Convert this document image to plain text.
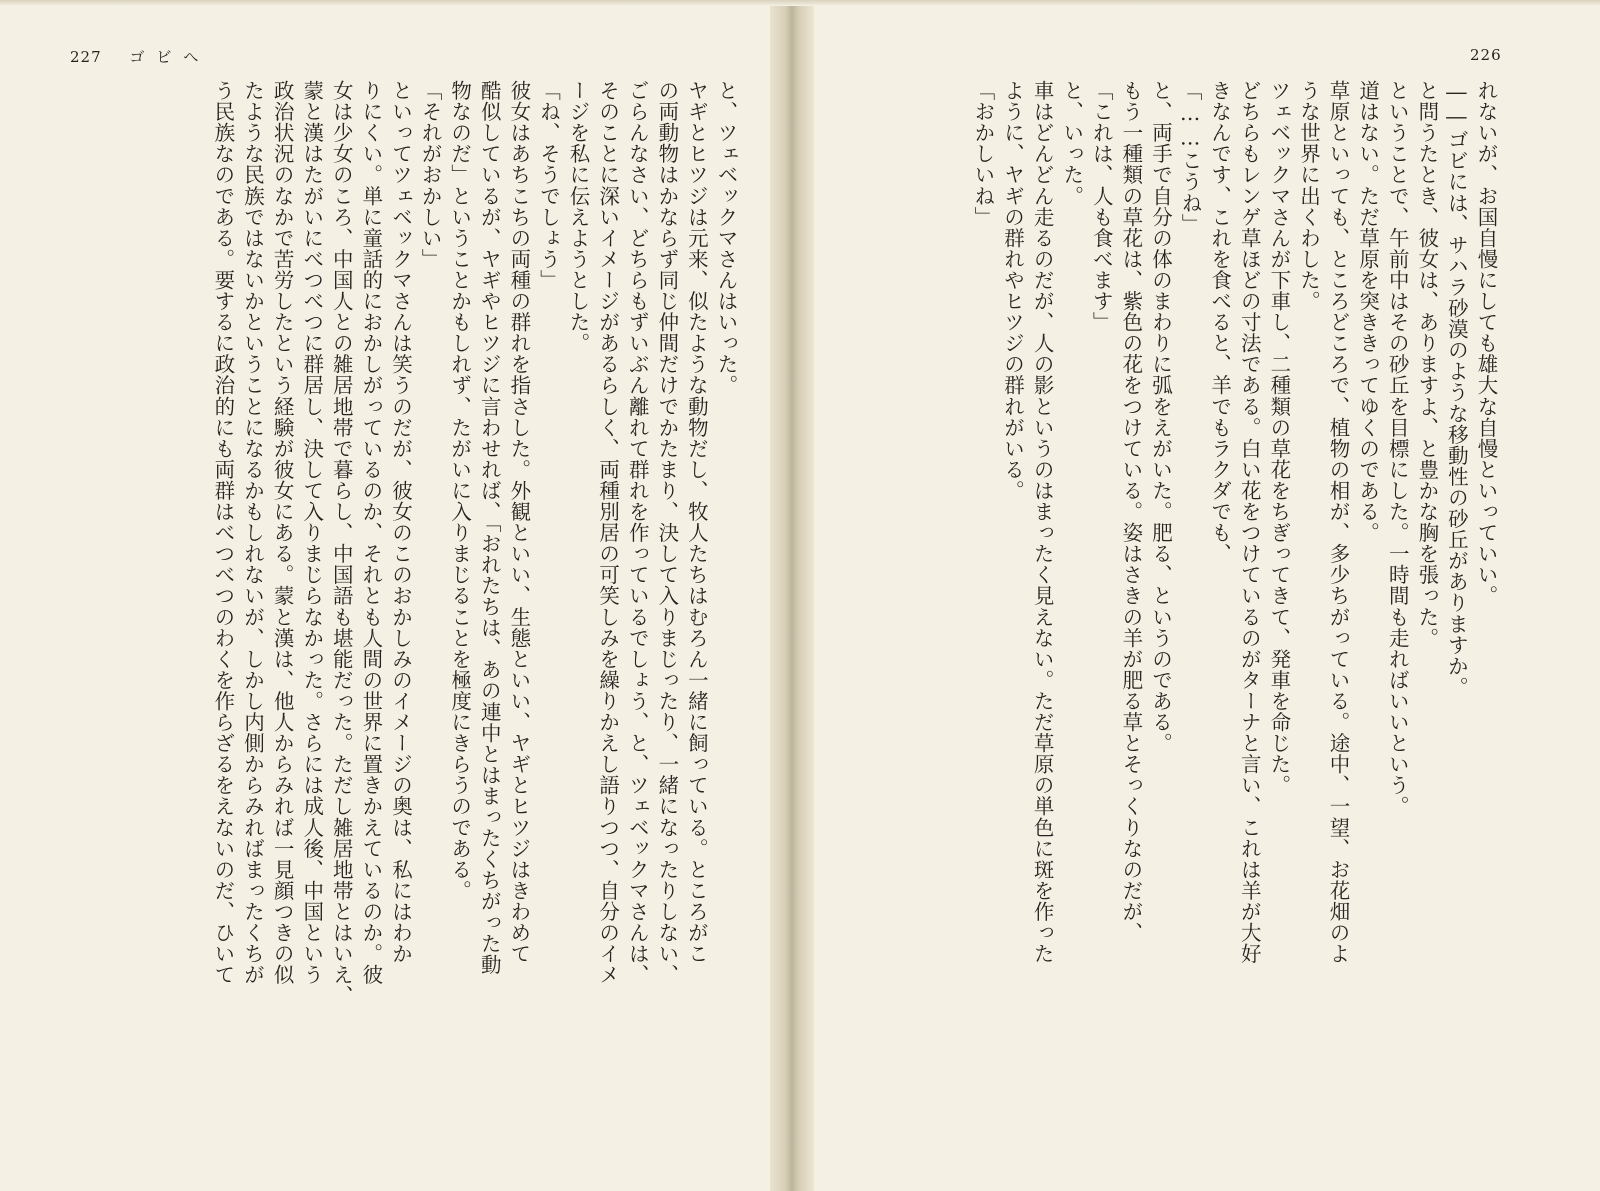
227 ゴビへ	226
れないが、お国自慢にしても雄大な自慢といっていい。
――ゴビには、サハラ砂漠のような移動性の砂丘がありますか。
と問うたとき、彼女は、ありますよ、と豊かな胸を張った。
ということで、午前中はその砂丘を目標にした。一時間も走ればいいという。
道はない。ただ草原を突ききってゆくのである。
草原といっても、ところどころで、植物の相が、多少ちがっている。途中、一望、お花畑のよ
うな世界に出くわした。
ツェベックマさんが下車し、二種類の草花をちぎってきて、発車を命じた。
どちらもレンゲ草ほどの寸法である。白い花をつけているのがターナと言い、これは羊が大好
きなんです、これを食べると、羊でもラクダでも、
「……こうね」
と、両手で自分の体のまわりに弧をえがいた。肥る、というのである。
もう一種類の草花は、紫色の花をつけている。姿はさきの羊が肥る草とそっくりなのだが、
「これは、人も食べます」
と、いった。
車はどんどん走るのだが、人の影というのはまったく見えない。ただ草原の単色に斑を作った
ように、ヤギの群れやヒツジの群れがいる。
「おかしいね」
と、ツェベックマさんはいった。
ヤギとヒツジは元来、似たような動物だし、牧人たちはむろん一緒に飼っている。ところがこ
の両動物はかならず同じ仲間だけでかたまり、決して入りまじったり、一緒になったりしない、
ごらんなさい、どちらもずいぶん離れて群れを作っているでしょう、と、ツェベックマさんは、
そのことに深いイメージがあるらしく、両種別居の可笑しみを繰りかえし語りつつ、自分のイメ
ージを私に伝えようとした。
「ね、そうでしょう」
彼女はあちこちの両種の群れを指さした。外観といい、生態といい、ヤギとヒツジはきわめて
酷似しているが、ヤギやヒツジに言わせれば、「おれたちは、あの連中とはまったくちがった動
物なのだ」ということかもしれず、たがいに入りまじることを極度にきらうのである。
「それがおかしい」
といってツェベックマさんは笑うのだが、彼女のこのおかしみのイメージの奥は、私にはわか
りにくい。単に童話的におかしがっているのか、それとも人間の世界に置きかえているのか。彼
女は少女のころ、中国人との雑居地帯で暮らし、中国語も堪能だった。ただし雑居地帯とはいえ、
蒙と漢はたがいにべつべつに群居し、決して入りまじらなかった。さらには成人後、中国という
政治状況のなかで苦労したという経験が彼女にある。蒙と漢は、他人からみれば一見顔つきの似
たような民族ではないかということになるかもしれないが、しかし内側からみればまったくちが
う民族なのである。要するに政治的にも両群はべつべつのわくを作らざるをえないのだ、ひいて
